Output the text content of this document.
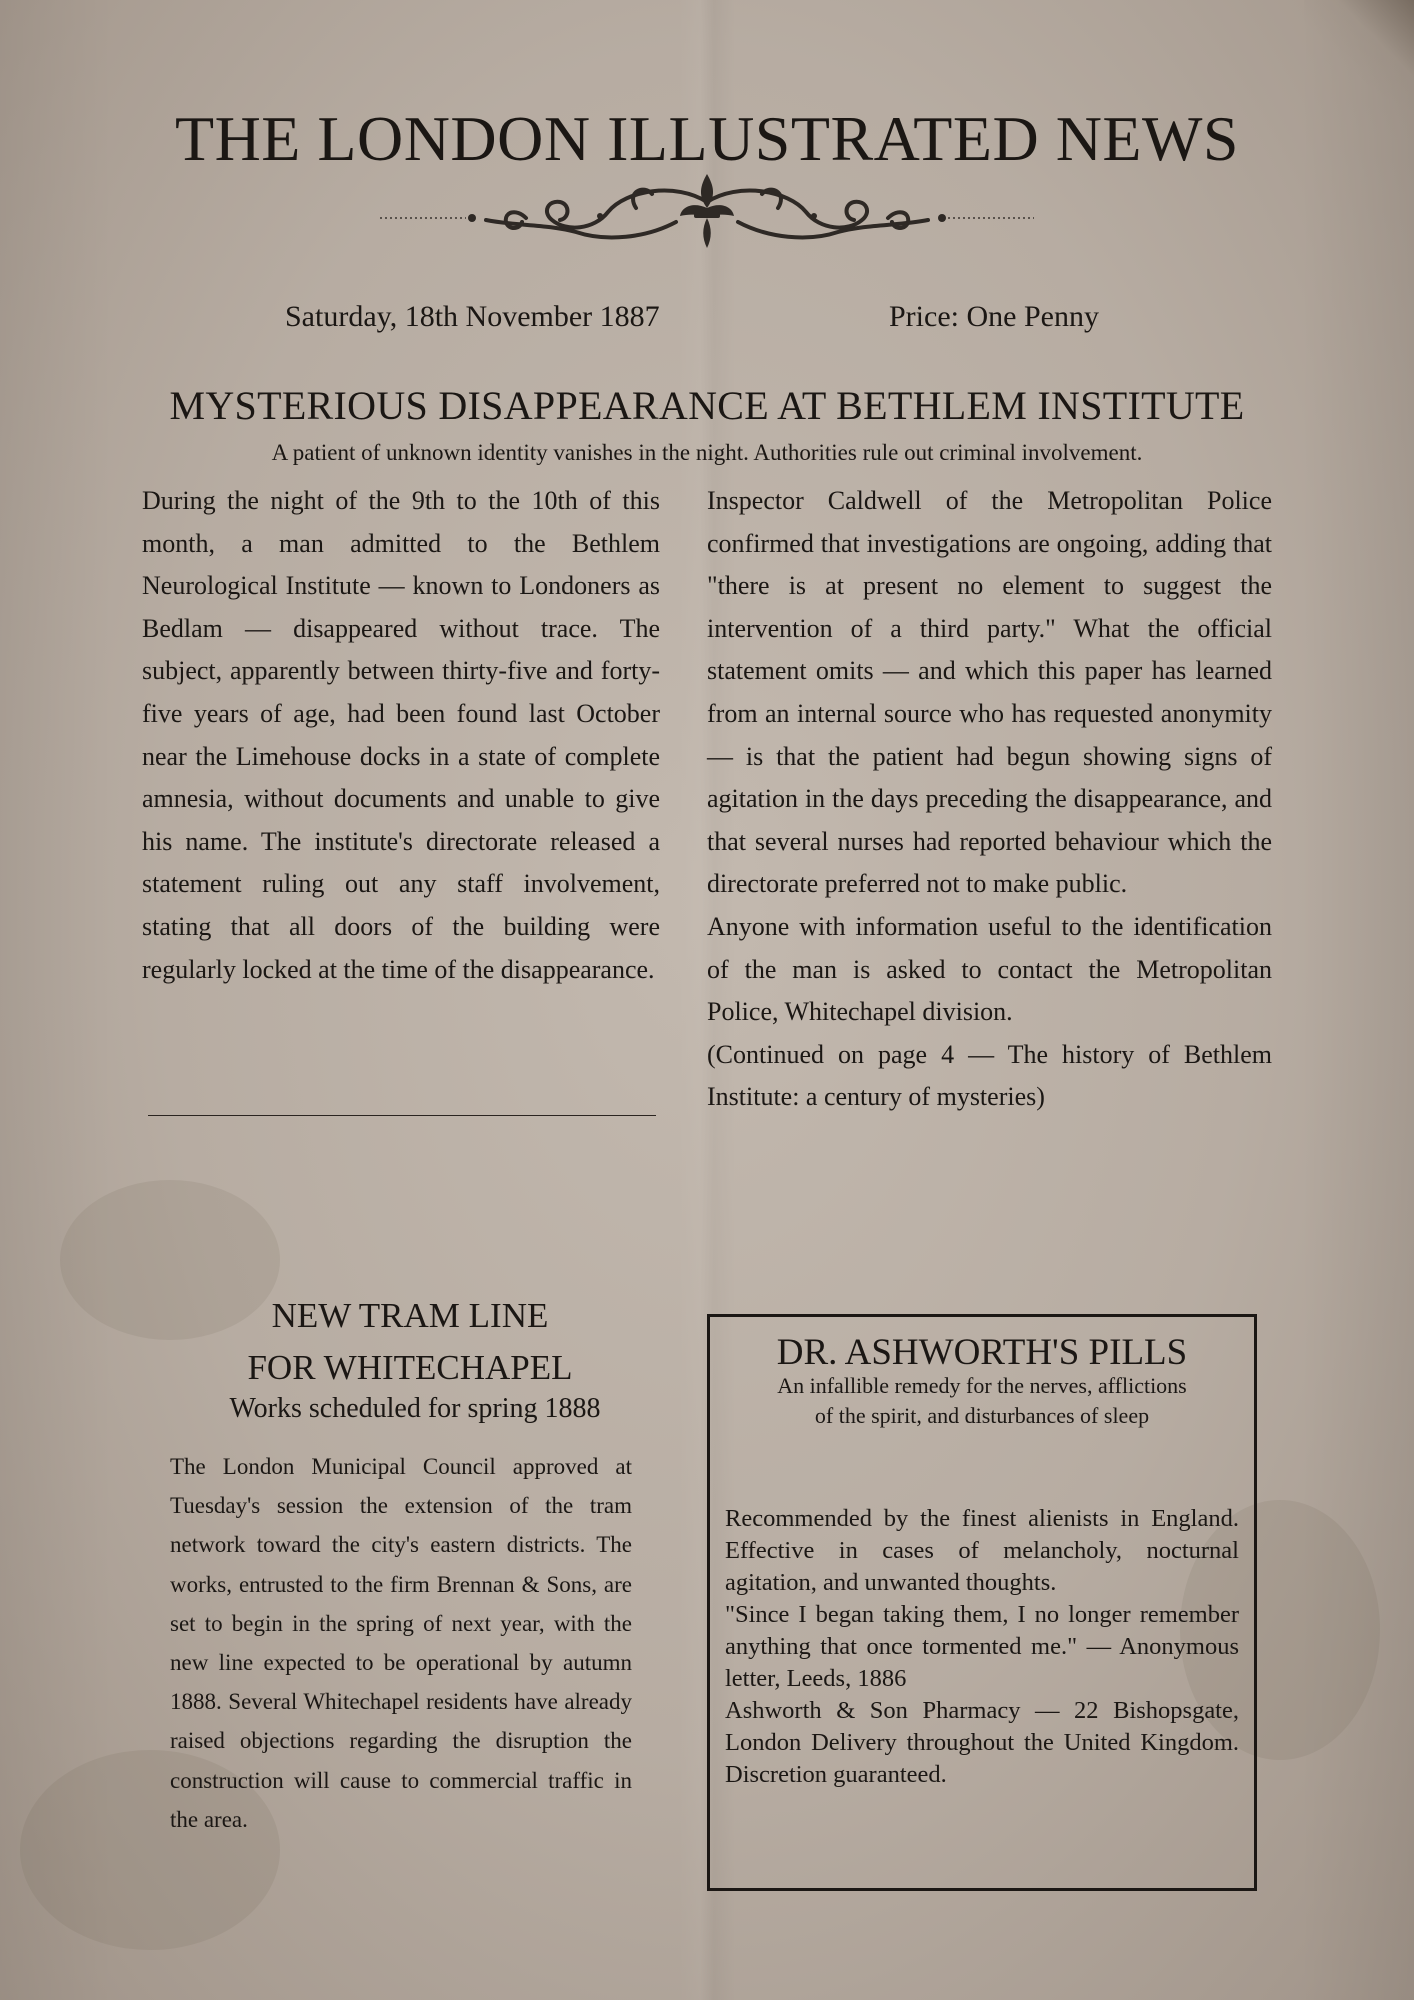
THE LONDON ILLUSTRATED NEWS
Saturday, 18th November 1887	Price: One Penny
MYSTERIOUS DISAPPEARANCE AT BETHLEM INSTITUTE
A patient of unknown identity vanishes in the night. Authorities rule out criminal involvement.

During the night of the 9th to the 10th of this month, a man admitted to the Bethlem Neurological Institute — known to Londoners as Bedlam — disappeared without trace. The subject, apparently between thirty-five and forty-five years of age, had been found last October near the Limehouse docks in a state of complete amnesia, without documents and unable to give his name. The institute's directorate released a statement ruling out any staff involvement, stating that all doors of the building were regularly locked at the time of the disappearance.

Inspector Caldwell of the Metropolitan Police confirmed that investigations are ongoing, adding that "there is at present no element to suggest the intervention of a third party." What the official statement omits — and which this paper has learned from an internal source who has requested anonymity — is that the patient had begun showing signs of agitation in the days preceding the disappearance, and that several nurses had reported behaviour which the directorate preferred not to make public.

Anyone with information useful to the identification of the man is asked to contact the Metropolitan Police, Whitechapel division.

(Continued on page 4 — The history of Bethlem Institute: a century of mysteries)

NEW TRAM LINE
FOR WHITECHAPEL
Works scheduled for spring 1888
The London Municipal Council approved at Tuesday's session the extension of the tram network toward the city's eastern districts. The works, entrusted to the firm Brennan & Sons, are set to begin in the spring of next year, with the new line expected to be operational by autumn 1888. Several Whitechapel residents have already raised objections regarding the disruption the construction will cause to commercial traffic in the area.
DR. ASHWORTH'S PILLS
An infallible remedy for the nerves, afflictions
of the spirit, and disturbances of sleep

Recommended by the finest alienists in England. Effective in cases of melancholy, nocturnal agitation, and unwanted thoughts.

"Since I began taking them, I no longer remember anything that once tormented me." — Anonymous letter, Leeds, 1886

Ashworth & Son Pharmacy — 22 Bishopsgate, London Delivery throughout the United Kingdom. Discretion guaranteed.
